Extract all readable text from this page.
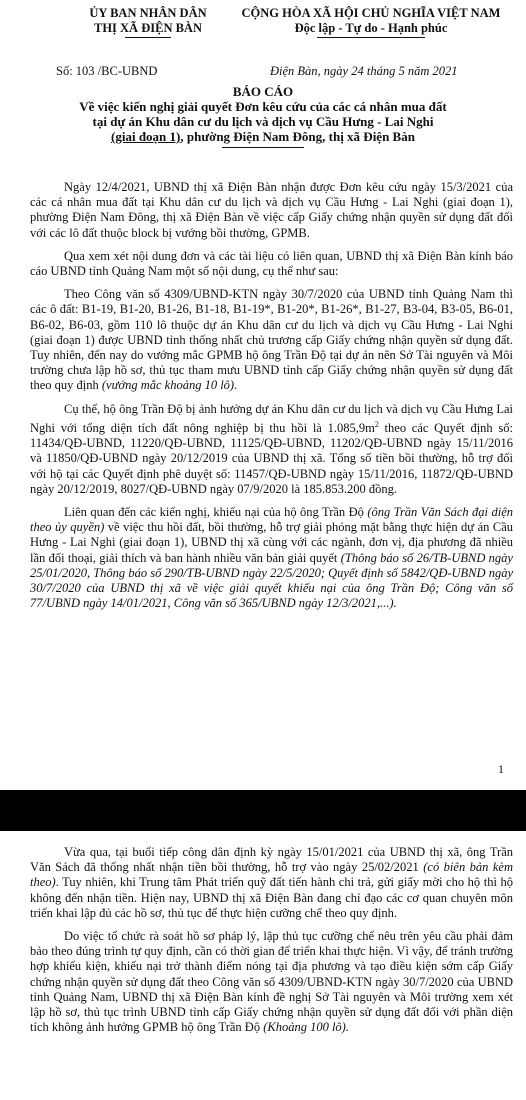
ỦY BAN NHÂN DÂN
THỊ XÃ ĐIỆN BÀN
CỘNG HÒA XÃ HỘI CHỦ NGHĨA VIỆT NAM
Độc lập - Tự do - Hạnh phúc
Số: 103 /BC-UBND	Điện Bàn, ngày 24 tháng 5 năm 2021
BÁO CÁO
Về việc kiến nghị giải quyết Đơn kêu cứu của các cá nhân mua đất
tại dự án Khu dân cư du lịch và dịch vụ Cầu Hưng - Lai Nghi
(giai đoạn 1), phường Điện Nam Đông, thị xã Điện Bàn

Ngày 12/4/2021, UBND thị xã Điện Bàn nhận được Đơn kêu cứu ngày 15/3/2021 của các cá nhân mua đất tại Khu dân cư du lịch và dịch vụ Cầu Hưng - Lai Nghi (giai đoạn 1), phường Điện Nam Đông, thị xã Điện Bàn về việc cấp Giấy chứng nhận quyền sử dụng đất đối với các lô đất thuộc block bị vướng bồi thường, GPMB.

Qua xem xét nội dung đơn và các tài liệu có liên quan, UBND thị xã Điện Bàn kính báo cáo UBND tỉnh Quảng Nam một số nội dung, cụ thể như sau:

Theo Công văn số 4309/UBND-KTN ngày 30/7/2020 của UBND tỉnh Quảng Nam thì các ô đất: B1-19, B1-20, B1-26, B1-18, B1-19*, B1-20*, B1-26*, B1-27, B3-04, B3-05, B6-01, B6-02, B6-03, gồm 110 lô thuộc dự án Khu dân cư du lịch và dịch vụ Cầu Hưng - Lai Nghi (giai đoạn 1) được UBND tỉnh thống nhất chủ trương cấp Giấy chứng nhận quyền sử dụng đất. Tuy nhiên, đến nay do vướng mắc GPMB hộ ông Trần Độ tại dự án nên Sở Tài nguyên và Môi trường chưa lập hồ sơ, thủ tục tham mưu UBND tỉnh cấp Giấy chứng nhận quyền sử dụng đất theo quy định (vướng mắc khoảng 10 lô).

Cụ thể, hộ ông Trần Độ bị ảnh hưởng dự án Khu dân cư du lịch và dịch vụ Cầu Hưng Lai Nghi với tổng diện tích đất nông nghiệp bị thu hồi là $1.085,9m^2$ theo các Quyết định số: 11434/QĐ-UBND, 11220/QĐ-UBND, 11125/QĐ-UBND, 11202/QĐ-UBND ngày 15/11/2016 và 11850/QĐ-UBND ngày 20/12/2019 của UBND thị xã. Tổng số tiền bồi thường, hỗ trợ đối với hộ tại các Quyết định phê duyệt số: 11457/QĐ-UBND ngày 15/11/2016, 11872/QĐ-UBND ngày 20/12/2019, 8027/QĐ-UBND ngày 07/9/2020 là 185.853.200 đồng.

Liên quan đến các kiến nghị, khiếu nại của hộ ông Trần Độ (ông Trần Văn Sách đại diện theo ủy quyền) về việc thu hồi đất, bồi thường, hỗ trợ giải phóng mặt bằng thực hiện dự án Cầu Hưng - Lai Nghi (giai đoạn 1), UBND thị xã cùng với các ngành, đơn vị, địa phương đã nhiều lần đối thoại, giải thích và ban hành nhiều văn bản giải quyết (Thông báo số 26/TB-UBND ngày 25/01/2020, Thông báo số 290/TB-UBND ngày 22/5/2020; Quyết định số 5842/QĐ-UBND ngày 30/7/2020 của UBND thị xã về việc giải quyết khiếu nại của ông Trần Độ; Công văn số 77/UBND ngày 14/01/2021, Công văn số 365/UBND ngày 12/3/2021,...).

1

Vừa qua, tại buổi tiếp công dân định kỳ ngày 15/01/2021 của UBND thị xã, ông Trần Văn Sách đã thống nhất nhận tiền bồi thường, hỗ trợ vào ngày 25/02/2021 (có biên bản kèm theo). Tuy nhiên, khi Trung tâm Phát triển quỹ đất tiến hành chi trả, gửi giấy mời cho hộ thì hộ không đến nhận tiền. Hiện nay, UBND thị xã Điện Bàn đang chỉ đạo các cơ quan chuyên môn triển khai lập đủ các hồ sơ, thủ tục để thực hiện cưỡng chế theo quy định.

Do việc tổ chức rà soát hồ sơ pháp lý, lập thủ tục cưỡng chế nêu trên yêu cầu phải đảm bảo theo đúng trình tự quy định, cần có thời gian để triển khai thực hiện. Vì vậy, để tránh trường hợp khiếu kiện, khiếu nại trở thành điểm nóng tại địa phương và tạo điều kiện sớm cấp Giấy chứng nhận quyền sử dụng đất theo Công văn số 4309/UBND-KTN ngày 30/7/2020 của UBND tỉnh Quảng Nam, UBND thị xã Điện Bàn kính đề nghị Sở Tài nguyên và Môi trường xem xét lập hồ sơ, thủ tục trình UBND tỉnh cấp Giấy chứng nhận quyền sử dụng đất đối với phần diện tích không ảnh hưởng GPMB hộ ông Trần Độ (Khoảng 100 lô).
